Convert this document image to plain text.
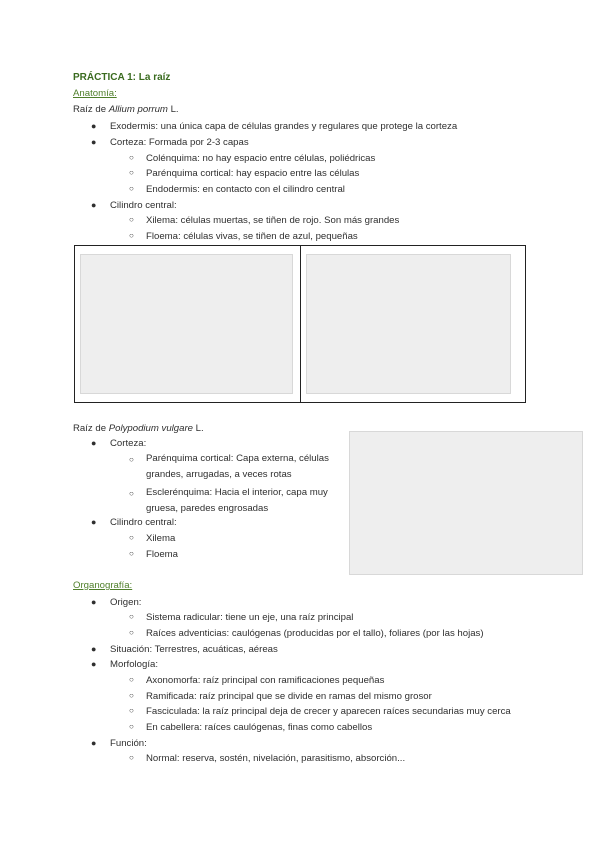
PRÁCTICA 1: La raíz
Anatomía:
Raíz de Allium porrum L.
● Exodermis: una única capa de células grandes y regulares que protege la corteza
● Corteza: Formada por 2-3 capas
○ Colénquima: no hay espacio entre células, poliédricas
○ Parénquima cortical: hay espacio entre las células
○ Endodermis: en contacto con el cilindro central
● Cilindro central:
○ Xilema: células muertas, se tiñen de rojo. Son más grandes
○ Floema: células vivas, se tiñen de azul, pequeñas
Raíz de Polypodium vulgare L.
● Corteza:
○ Parénquima cortical: Capa externa, células grandes, arrugadas, a veces rotas
○ Esclerénquima: Hacia el interior, capa muy gruesa, paredes engrosadas
● Cilindro central:
○ Xilema
○ Floema
Organografía:
● Origen:
○ Sistema radicular: tiene un eje, una raíz principal
○ Raíces adventicias: caulógenas (producidas por el tallo), foliares (por las hojas)
● Situación: Terrestres, acuáticas, aéreas
● Morfología:
○ Axonomorfa: raíz principal con ramificaciones pequeñas
○ Ramificada: raíz principal que se divide en ramas del mismo grosor
○ Fasciculada: la raíz principal deja de crecer y aparecen raíces secundarias muy cerca
○ En cabellera: raíces caulógenas, finas como cabellos
● Función:
○ Normal: reserva, sostén, nivelación, parasitismo, absorción...
